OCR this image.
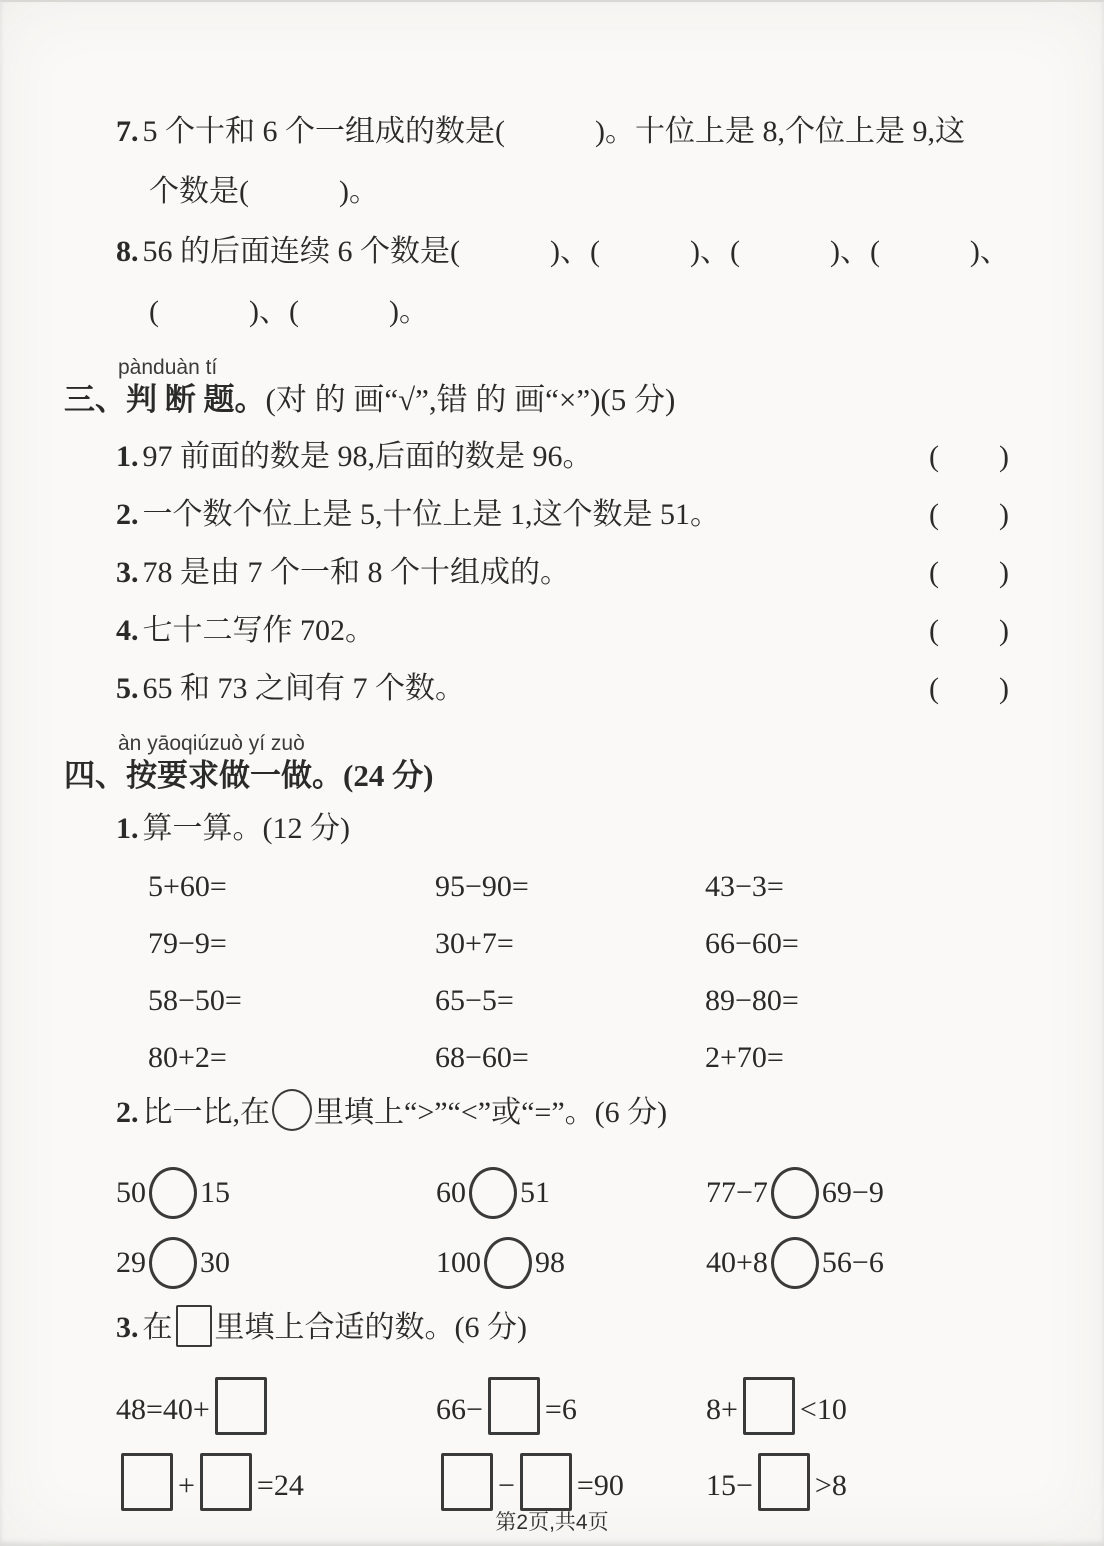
7. 5 个十和 6 个一组成的数是(            )。十位上是 8,个位上是 9,这
个数是(            )。
8. 56 的后面连续 6 个数是(            )、(            )、(            )、(            )、
(            )、(            )。
pànduàn tí
三、判 断 题。(对 的 画“√”,错 的 画“×”)(5 分)
1. 97 前面的数是 98,后面的数是 96。	(        )
2. 一个数个位上是 5,十位上是 1,这个数是 51。	(        )
3. 78 是由 7 个一和 8 个十组成的。	(        )
4. 七十二写作 702。	(        )
5. 65 和 73 之间有 7 个数。	(        )
àn yāoqiúzuò yí zuò
四、按要求做一做。(24 分)
1. 算一算。(12 分)
5+60=	95−90=	43−3=
79−9=	30+7=	66−60=
58−50=	65−5=	89−80=
80+2=	68−60=	2+70=
2. 比一比,在 里填上“>”“<”或“=”。(6 分)
50 15	60 51	77−7 69−9
29 30	100 98	40+8 56−6
3. 在 里填上合适的数。(6 分)
48=40+	66− =6	8+ <10
+ =24	− =90	15− >8
第2页,共4页
